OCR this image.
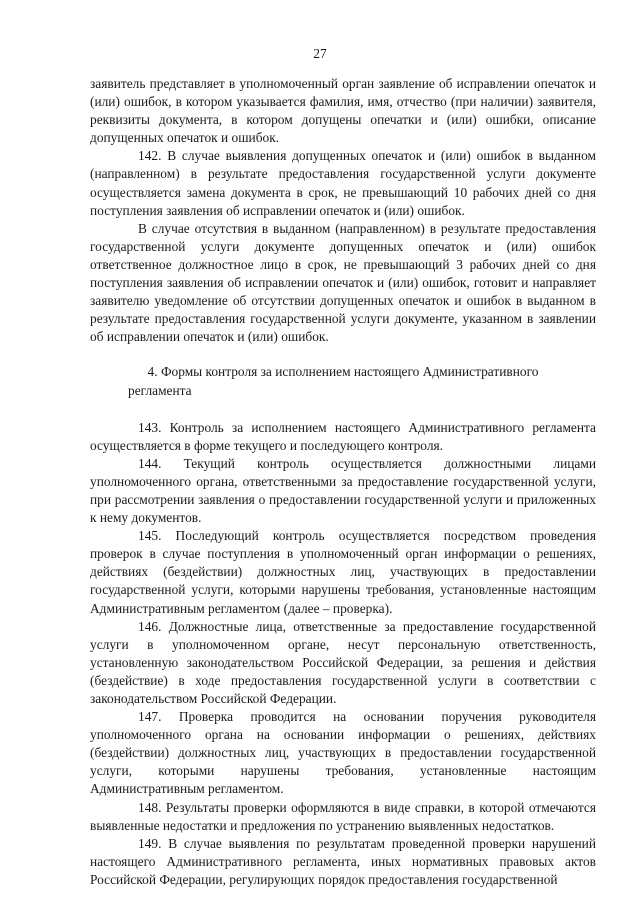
27

заявитель представляет в уполномоченный орган заявление об исправлении опечаток и (или) ошибок, в котором указывается фамилия, имя, отчество (при наличии) заявителя, реквизиты документа, в котором допущены опечатки и (или) ошибки, описание допущенных опечаток и ошибок.

142. В случае выявления допущенных опечаток и (или) ошибок в выданном (направленном) в результате предоставления государственной услуги документе осуществляется замена документа в срок, не превышающий 10 рабочих дней со дня поступления заявления об исправлении опечаток и (или) ошибок.

В случае отсутствия в выданном (направленном) в результате предоставления государственной услуги документе допущенных опечаток и (или) ошибок ответственное должностное лицо в срок, не превышающий 3 рабочих дней со дня поступления заявления об исправлении опечаток и (или) ошибок, готовит и направляет заявителю уведомление об отсутствии допущенных опечаток и ошибок в выданном в результате предоставления государственной услуги документе, указанном в заявлении об исправлении опечаток и (или) ошибок.

4. Формы контроля за исполнением настоящего Административного регламента

143. Контроль за исполнением настоящего Административного регламента осуществляется в форме текущего и последующего контроля.

144. Текущий контроль осуществляется должностными лицами уполномоченного органа, ответственными за предоставление государственной услуги, при рассмотрении заявления о предоставлении государственной услуги и приложенных к нему документов.

145. Последующий контроль осуществляется посредством проведения проверок в случае поступления в уполномоченный орган информации о решениях, действиях (бездействии) должностных лиц, участвующих в предоставлении государственной услуги, которыми нарушены требования, установленные настоящим Административным регламентом (далее – проверка).

146. Должностные лица, ответственные за предоставление государственной услуги в уполномоченном органе, несут персональную ответственность, установленную законодательством Российской Федерации, за решения и действия (бездействие) в ходе предоставления государственной услуги в соответствии с законодательством Российской Федерации.

147. Проверка проводится на основании поручения руководителя уполномоченного органа на основании информации о решениях, действиях (бездействии) должностных лиц, участвующих в предоставлении государственной услуги, которыми нарушены требования, установленные настоящим Административным регламентом.

148. Результаты проверки оформляются в виде справки, в которой отмечаются выявленные недостатки и предложения по устранению выявленных недостатков.

149. В случае выявления по результатам проведенной проверки нарушений настоящего Административного регламента, иных нормативных правовых актов Российской Федерации, регулирующих порядок предоставления государственной
